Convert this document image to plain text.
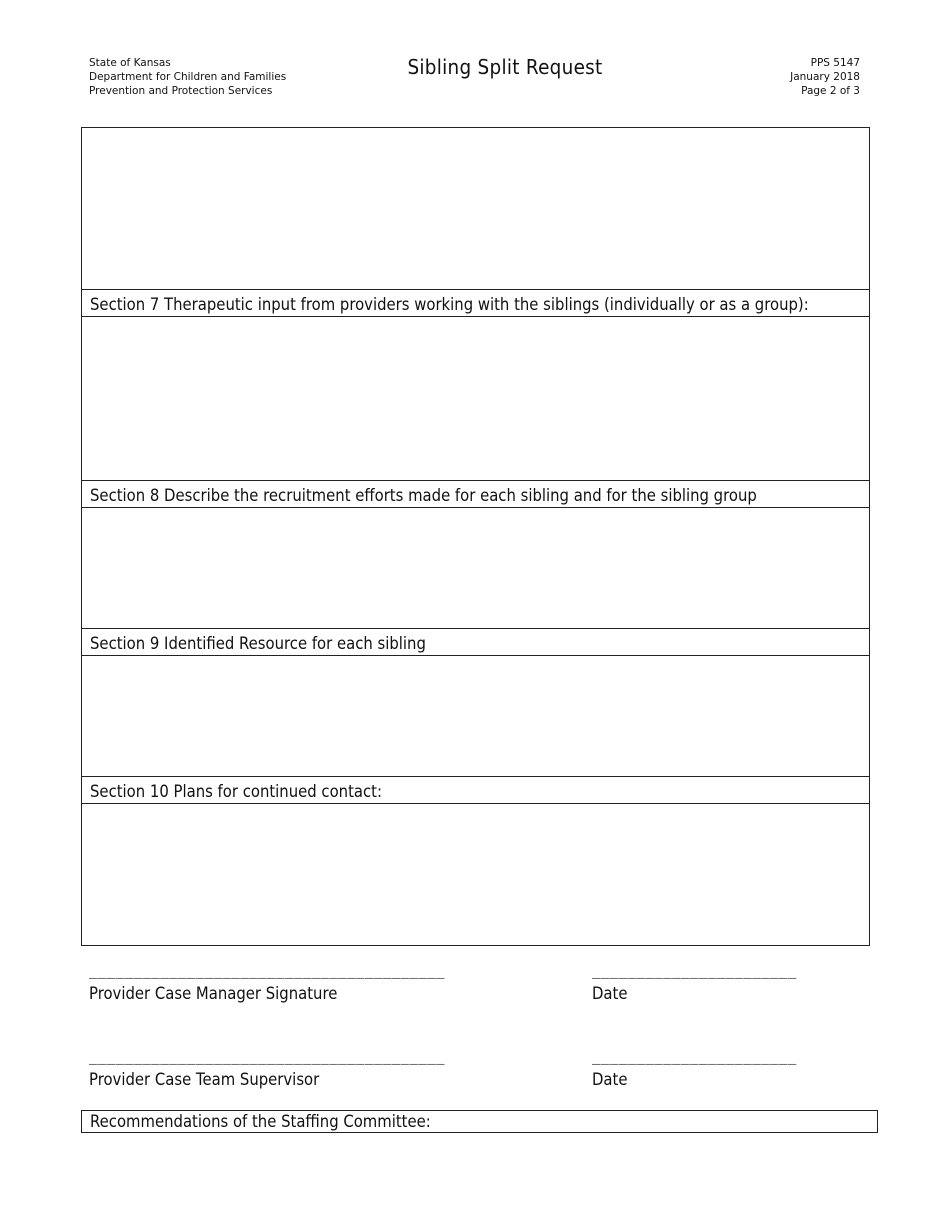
State of Kansas
Department for Children and Families
Prevention and Protection Services
Sibling Split Request	PPS 5147
January 2018
Page 2 of 3
Section 7 Therapeutic input from providers working with the siblings (individually or as a group):
Section 8 Describe the recruitment efforts made for each sibling and for the sibling group
Section 9 Identified Resource for each sibling
Section 10 Plans for continued contact:
________________________________________
Provider Case Manager Signature
_______________________
Date
________________________________________
Provider Case Team Supervisor
_______________________
Date
Recommendations of the Staffing Committee:
